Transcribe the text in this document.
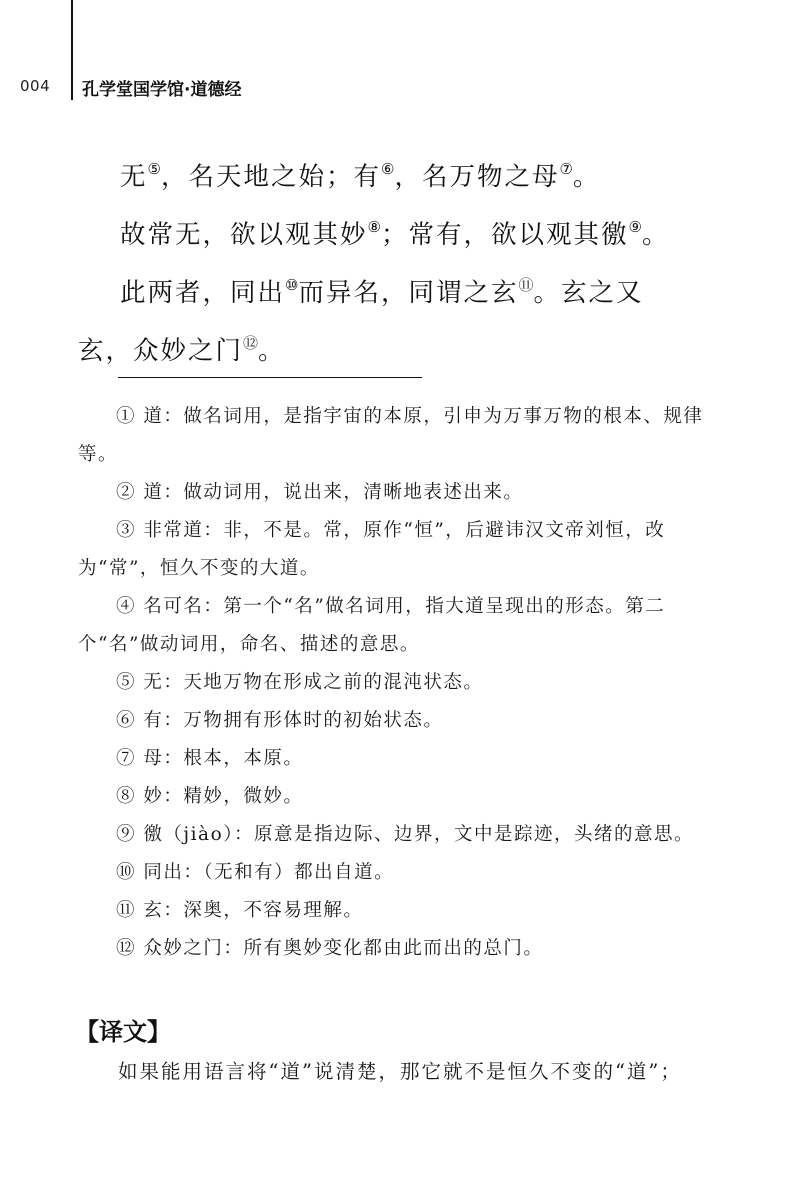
004 孔学堂国学馆·道德经

无⑤，名天地之始；有⑥，名万物之母⑦。

故常无，欲以观其妙⑧；常有，欲以观其徼⑨。

此两者，同出⑩而异名，同谓之玄⑪。玄之又玄，众妙之门⑫。

① 道：做名词用，是指宇宙的本原，引申为万事万物的根本、规律等。

② 道：做动词用，说出来，清晰地表述出来。

③ 非常道：非，不是。常，原作“恒”，后避讳汉文帝刘恒，改为“常”，恒久不变的大道。

④ 名可名：第一个“名”做名词用，指大道呈现出的形态。第二个“名”做动词用，命名、描述的意思。

⑤ 无：天地万物在形成之前的混沌状态。

⑥ 有：万物拥有形体时的初始状态。

⑦ 母：根本，本原。

⑧ 妙：精妙，微妙。

⑨ 徼（jiào）：原意是指边际、边界，文中是踪迹，头绪的意思。

⑩ 同出：（无和有）都出自道。

⑪ 玄：深奥，不容易理解。

⑫ 众妙之门：所有奥妙变化都由此而出的总门。

【译文】

如果能用语言将“道”说清楚，那它就不是恒久不变的“道”；
